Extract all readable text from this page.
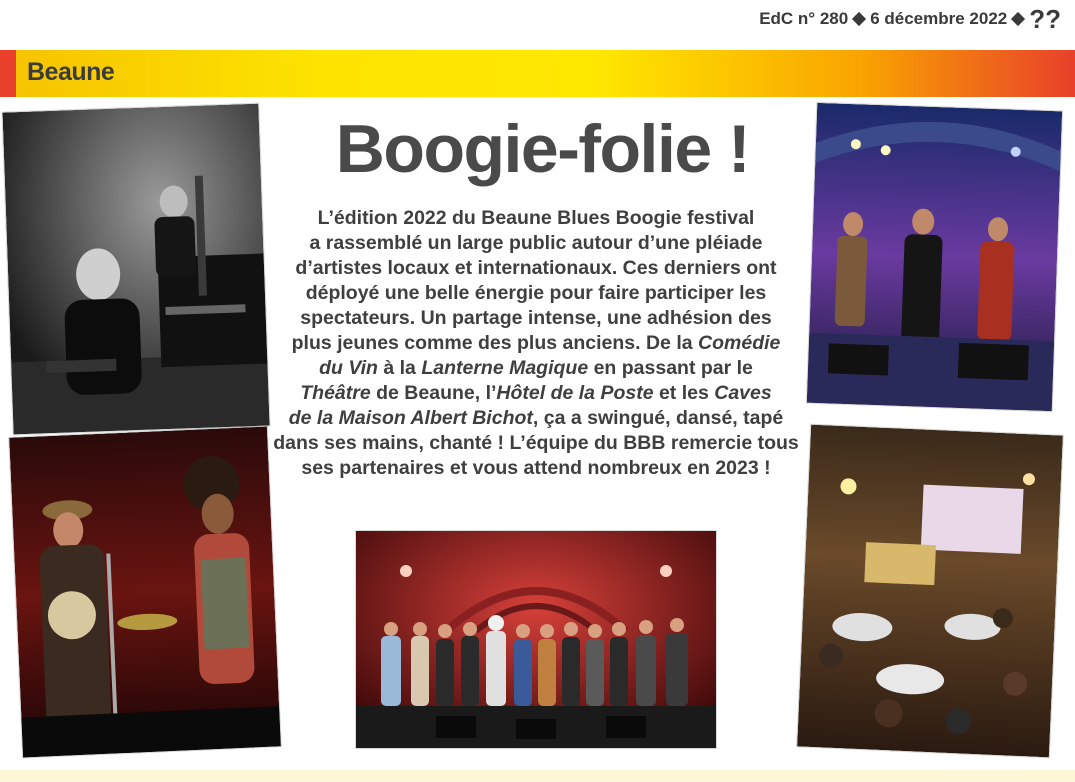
EdC n° 280 6 décembre 2022 ??
Beaune
Boogie-folie !

L’édition 2022 du Beaune Blues Boogie festival

a rassemblé un large public autour d’une pléiade

d’artistes locaux et internationaux. Ces derniers ont

déployé une belle énergie pour faire participer les

spectateurs. Un partage intense, une adhésion des

plus jeunes comme des plus anciens. De la Comédie

du Vin à la Lanterne Magique en passant par le

Théâtre de Beaune, l’Hôtel de la Poste et les Caves

de la Maison Albert Bichot, ça a swingué, dansé, tapé

dans ses mains, chanté ! L’équipe du BBB remercie tous

ses partenaires et vous attend nombreux en 2023 !
